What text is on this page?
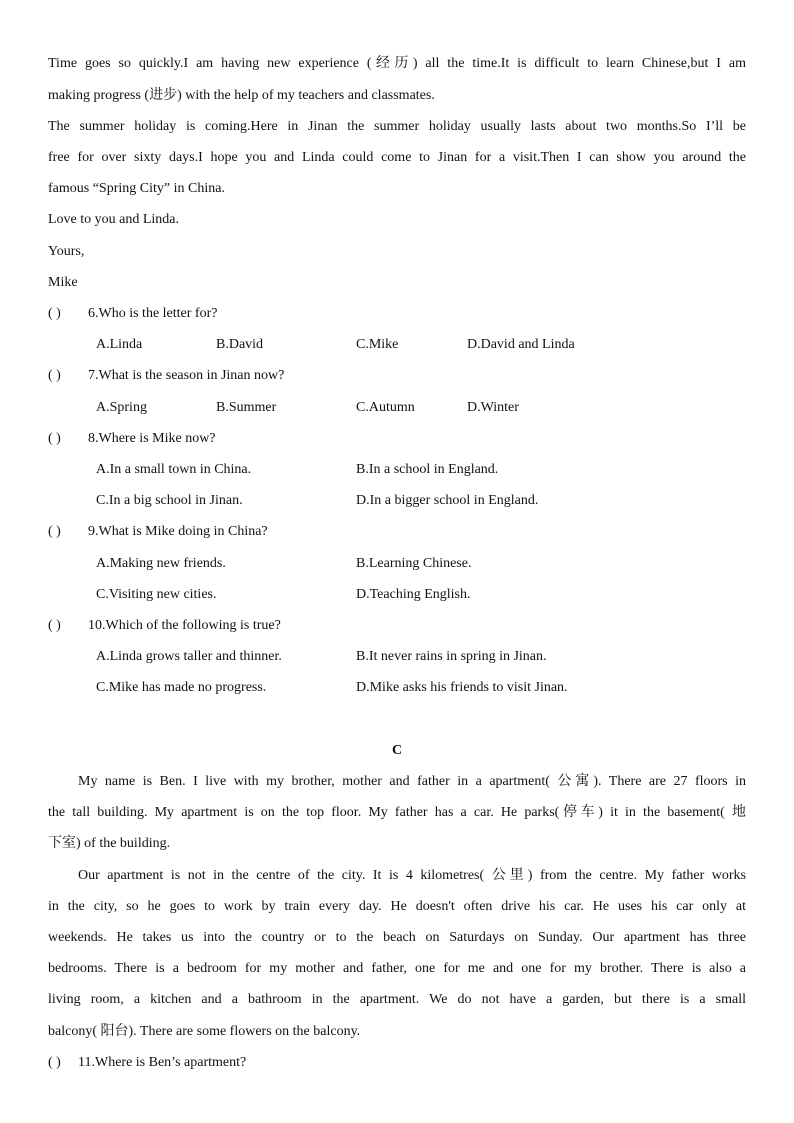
Time goes so quickly.I am having new experience (经历) all the time.It is difficult to learn Chinese,but I am
making progress (进步) with the help of my teachers and classmates.
The summer holiday is coming.Here in Jinan the summer holiday usually lasts about two months.So I’ll be
free for over sixty days.I hope you and Linda could come to Jinan for a visit.Then I can show you around the
famous “Spring City” in China.
Love to you and Linda.
Yours,
Mike
( ) 6.Who is the letter for?
A.Linda	B.David	C.Mike	D.David and Linda
( ) 7.What is the season in Jinan now?
A.Spring	B.Summer	C.Autumn	D.Winter
( ) 8.Where is Mike now?
A.In a small town in China.	B.In a school in England.
C.In a big school in Jinan.	D.In a bigger school in England.
( ) 9.What is Mike doing in China?
A.Making new friends.	B.Learning Chinese.
C.Visiting new cities.	D.Teaching English.
( ) 10.Which of the following is true?
A.Linda grows taller and thinner.	B.It never rains in spring in Jinan.
C.Mike has made no progress.	D.Mike asks his friends to visit Jinan.
C
My name is Ben. I live with my brother, mother and father in a apartment( 公寓). There are 27 floors in
the tall building. My apartment is on the top floor. My father has a car. He parks(停车) it in the basement( 地
下室) of the building.
Our apartment is not in the centre of the city. It is 4 kilometres( 公里) from the centre. My father works
in the city, so he goes to work by train every day. He doesn't often drive his car. He uses his car only at
weekends. He takes us into the country or to the beach on Saturdays on Sunday. Our apartment has three
bedrooms. There is a bedroom for my mother and father, one for me and one for my brother. There is also a
living room, a kitchen and a bathroom in the apartment. We do not have a garden, but there is a small
balcony( 阳台). There are some flowers on the balcony.
( ) 11.Where is Ben’s apartment?
